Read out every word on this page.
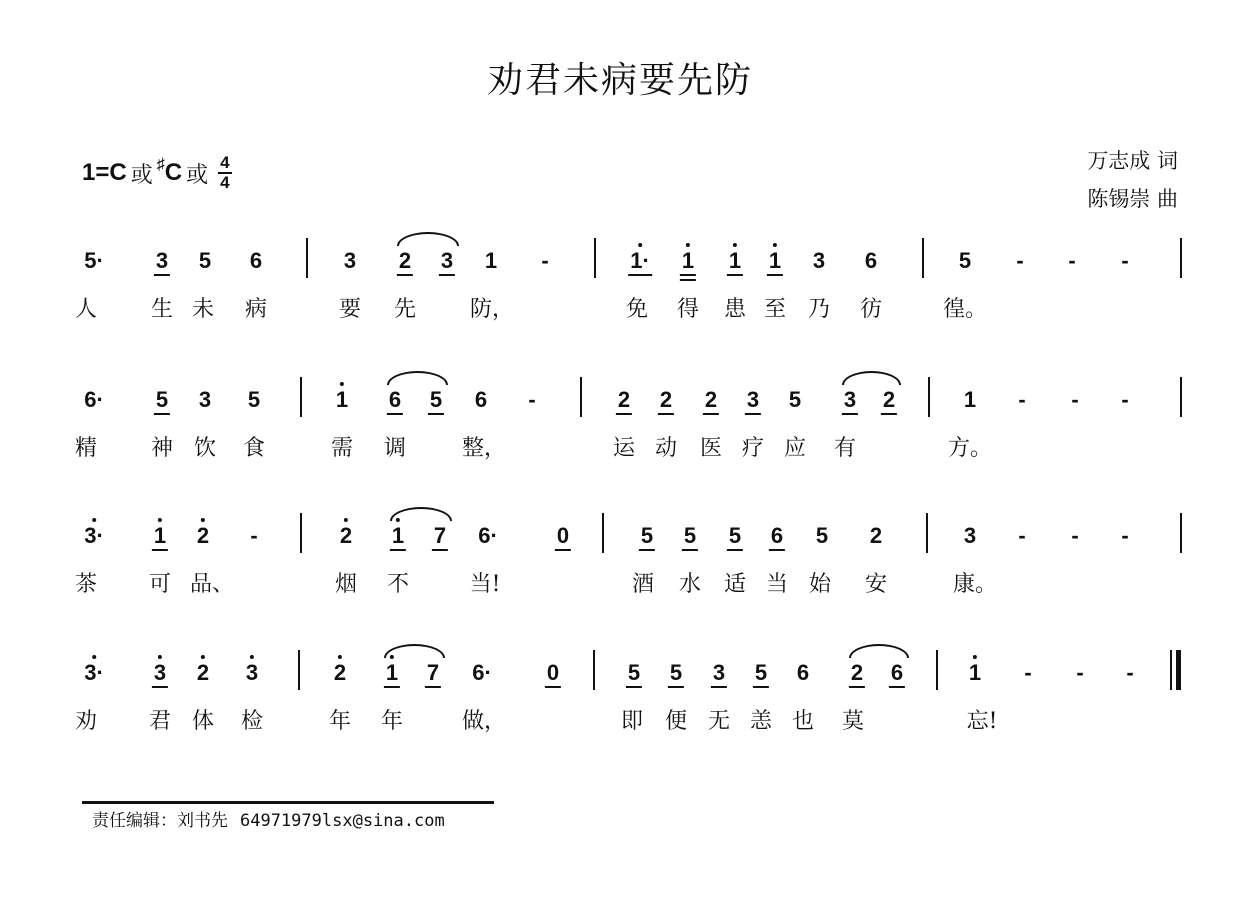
劝君未病要先防
1 = C 或 ♯ C 或 $\frac{4}{4}$	万志成 词
陈锡崇 曲
5· 3 5 6	3 2 3 1 -	1· 1 1 1 3 6	5 - - -
6· 5 3 5	1 6 5 6 -	2 2 2 3 5 3 2	1 - - -
3· 1 2 -	2 1 7 6·	0	5 5 5 6 5 2	3 - - -
3· 3 2 3	2 1 7 6·	0	5 5 3 5 6 2 6	1 - - -
人 生 未 病	要 先 防，	免 得 患 至 乃 彷	徨。
精 神 饮 食	需 调	整，	运 动 医 疗 应 有	方。
茶 可 品、	烟 不	当!	酒 水 适 当 始 安	康。
劝 君 体 检	年 年	做，	即 便 无 恙 也 莫	忘!
责任编辑：刘书先 64971979lsx@sina.com
